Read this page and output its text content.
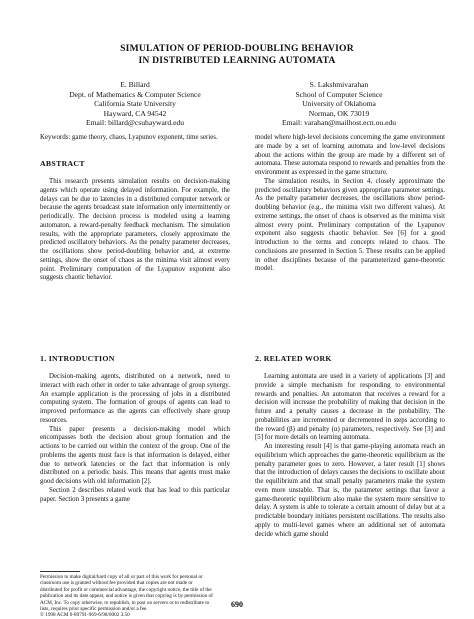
SIMULATION OF PERIOD-DOUBLING BEHAVIOR
IN DISTRIBUTED LEARNING AUTOMATA
E. Billard
Dept. of Mathematics & Computer Science
California State University
Hayward, CA 94542
Email: billard@csuhayward.edu
S. Lakshmivarahan
School of Computer Science
University of Oklahoma
Norman, OK 73019
Email: varahan@mailhost.ecn.ou.edu
Keywords: game theory, chaos, Lyapunov exponent, time series.
ABSTRACT

This research presents simulation results on decision-making agents which operate using delayed information. For example, the delays can be due to latencies in a distributed computer network or because the agents broadcast state information only intermittently or periodically. The decision process is modeled using a learning automaton, a reward-penalty feedback mechanism. The simulation results, with the appropriate parameters, closely approximate the predicted oscillatory behaviors. As the penalty parameter decreases, the oscillations show period-doubling behavior and, at extreme settings, show the onset of chaos as the minima visit almost every point. Preliminary computation of the Lyapunov exponent also suggests chaotic behavior.

1. INTRODUCTION

Decision-making agents, distributed on a network, need to interact with each other in order to take advantage of group synergy. An example application is the processing of jobs in a distributed computing system. The formation of groups of agents can lead to improved performance as the agents can effectively share group resources.

This paper presents a decision-making model which encompasses both the decision about group formation and the actions to be carried out within the context of the group. One of the problems the agents must face is that information is delayed, either due to network latencies or the fact that information is only distributed on a periodic basis. This means that agents must make good decisions with old information [2].

Section 2 describes related work that has lead to this particular paper. Section 3 presents a game

model where high-level decisions concerning the game environment are made by a set of learning automata and low-level decisions about the actions within the group are made by a different set of automata. These automata respond to rewards and penalties from the environment as expressed in the game structure.

The simulation results, in Section 4, closely approximate the predicted oscillatory behaviors given appropriate parameter settings. As the penalty parameter decreases, the oscillations show period-doubling behavior (e.g., the minima visit two different values). At extreme settings, the onset of chaos is observed as the minima visit almost every point. Preliminary computation of the Lyapunov exponent also suggests chaotic behavior. See [6] for a good introduction to the terms and concepts related to chaos. The conclusions are presented in Section 5. These results can be applied in other disciplines because of the parameterized game-theoretic model.

2. RELATED WORK

Learning automata are used in a variety of applications [3] and provide a simple mechanism for responding to environmental rewards and penalties. An automaton that receives a reward for a decision will increase the probability of making that decision in the future and a penalty causes a decrease in the probability. The probabilities are incremented or decremented in steps according to the reward (β) and penalty (α) parameters, respectively. See [3] and [5] for more details on learning automata.

An interesting result [4] is that game-playing automata reach an equilibrium which approaches the game-theoretic equilibrium as the penalty parameter goes to zero. However, a later result [1] shows that the introduction of delays causes the decisions to oscillate about the equilibrium and that small penalty parameters make the system even more unstable. That is, the parameter settings that favor a game-theoretic equilibrium also make the system more sensitive to delay. A system is able to tolerate a certain amount of delay but at a predictable boundary initiates persistent oscillations. The results also apply to multi-level games where an additional set of automata decide which game should

Permission to make digital/hard copy of all or part of this work for personal or
classroom use is granted without fee provided that copies are not made or
distributed for profit or commercial advantage, the copyright notice, the title of the
publication and its date appear, and notice is given that copying is by permission of
ACM, Inc. To copy otherwise, to republish, to post on servers or to redistribute to
lists, requires prior specific permission and/or a fee.
© 1998 ACM 0-89791-969-6/98/0002 3.50
690
